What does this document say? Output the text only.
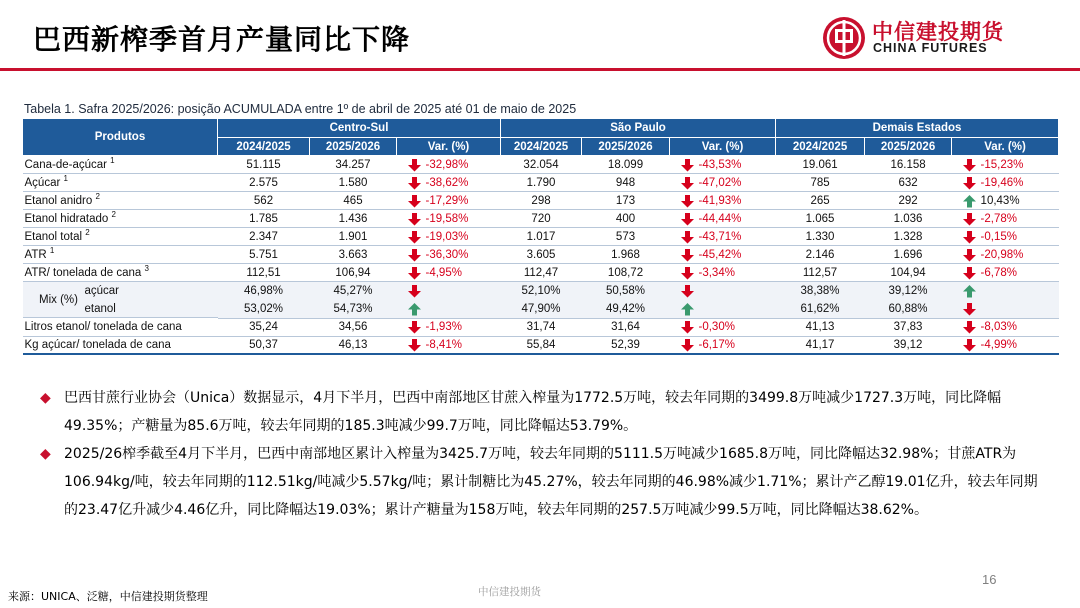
巴西新榨季首月产量同比下降	中信建投期货
CHINA FUTURES
Tabela 1. Safra 2025/2026: posição ACUMULADA entre 1º de abril de 2025 até 01 de maio de 2025
Produtos	Centro-Sul			São Paulo			Demais Estados		
	2024/2025	2025/2026	Var. (%)	2024/2025	2025/2026	Var. (%)	2024/2025	2025/2026	Var. (%)
Cana-de-açúcar $^1$	51.115	34.257	-32,98%	32.054	18.099	-43,53%	19.061	16.158	-15,23%
Açúcar $^1$	2.575	1.580	-38,62%	1.790	948	-47,02%	785	632	-19,46%
Etanol anidro $^2$	562	465	-17,29%	298	173	-41,93%	265	292	10,43%
Etanol hidratado $^2$	1.785	1.436	-19,58%	720	400	-44,44%	1.065	1.036	-2,78%
Etanol total $^2$	2.347	1.901	-19,03%	1.017	573	-43,71%	1.330	1.328	-0,15%
ATR $^1$	5.751	3.663	-36,30%	3.605	1.968	-45,42%	2.146	1.696	-20,98%
ATR/ tonelada de cana $^3$	112,51	106,94	-4,95%	112,47	108,72	-3,34%	112,57	104,94	-6,78%

Mix (%)
açúcar	46,98%	45,27%		52,10%	50,58%		38,38%	39,12%	

etanol	53,02%	54,73%		47,90%	49,42%		61,62%	60,88%	

Litros etanol/ tonelada de cana	35,24	34,56	-1,93%	31,74	31,64	-0,30%	41,13	37,83	-8,03%
Kg açúcar/ tonelada de cana	50,37	46,13	-8,41%	55,84	52,39	-6,17%	41,17	39,12	-4,99%
◆ 巴西甘蔗行业协会（Unica）数据显示，4月下半月，巴西中南部地区甘蔗入榨量为1772.5万吨，较去年同期的3499.8万吨减少1727.3万吨，同比降幅49.35%；产糖量为85.6万吨，较去年同期的185.3吨减少99.7万吨，同比降幅达53.79%。
◆ 2025/26榨季截至4月下半月，巴西中南部地区累计入榨量为3425.7万吨，较去年同期的5111.5万吨减少1685.8万吨，同比降幅达32.98%；甘蔗ATR为106.94kg/吨，较去年同期的112.51kg/吨减少5.57kg/吨；累计制糖比为45.27%，较去年同期的46.98%减少1.71%；累计产乙醇19.01亿升，较去年同期的23.47亿升减少4.46亿升，同比降幅达19.03%；累计产糖量为158万吨，较去年同期的257.5万吨减少99.5万吨，同比降幅达38.62%。
来源：UNICA、泛糖，中信建投期货整理	中信建投期货
16
